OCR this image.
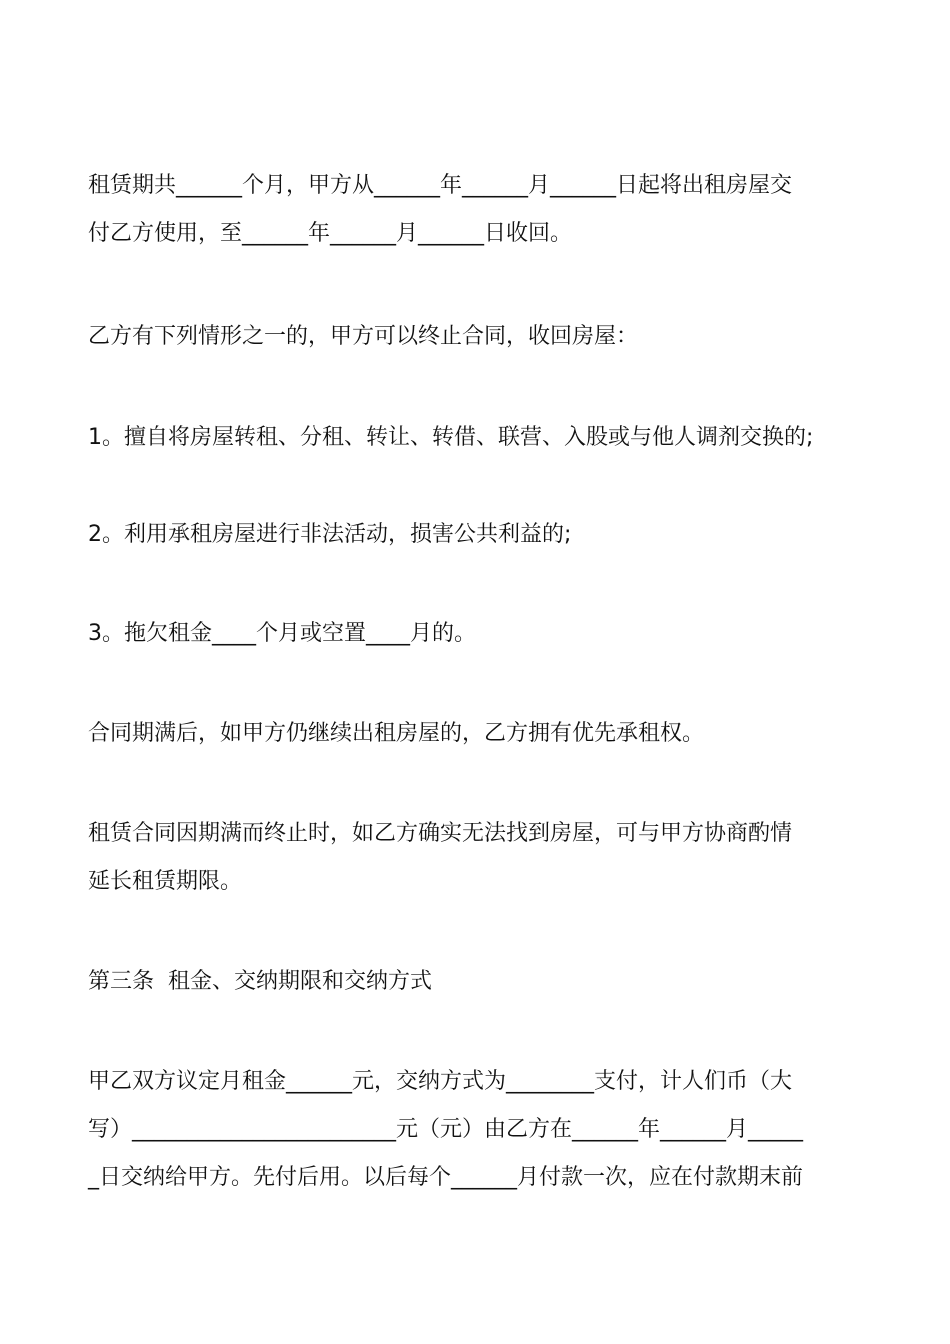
租赁期共______个月，甲方从______年______月______日起将出租房屋交
付乙方使用，至______年______月______日收回。
乙方有下列情形之一的，甲方可以终止合同，收回房屋：
1。擅自将房屋转租、分租、转让、转借、联营、入股或与他人调剂交换的;
2。利用承租房屋进行非法活动，损害公共利益的;
3。拖欠租金____个月或空置____月的。
合同期满后，如甲方仍继续出租房屋的，乙方拥有优先承租权。
租赁合同因期满而终止时，如乙方确实无法找到房屋，可与甲方协商酌情
延长租赁期限。
第三条  租金、交纳期限和交纳方式
甲乙双方议定月租金______元，交纳方式为________支付，计人们币（大
写）________________________元（元）由乙方在______年______月_____
_日交纳给甲方。先付后用。以后每个______月付款一次，应在付款期末前
